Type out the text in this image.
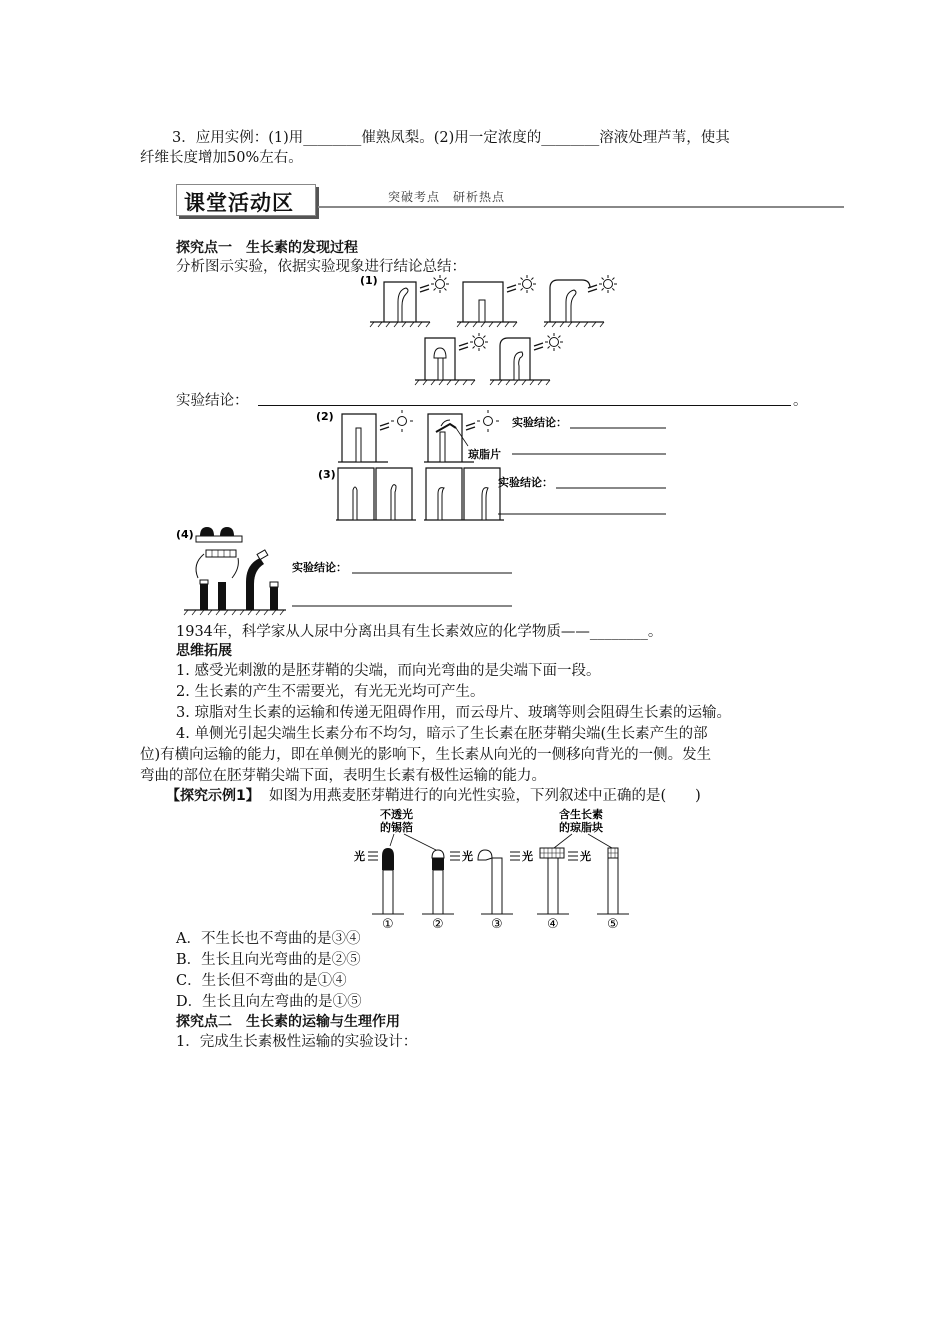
3．应用实例：(1)用________催熟凤梨。(2)用一定浓度的________溶液处理芦苇，使其
纤维长度增加50%左右。
课堂活动区	突破考点　研析热点
探究点一　生长素的发现过程
分析图示实验，依据实验现象进行结论总结：
(1)
实验结论：	。
(2)
琼脂片
实验结论：
(3)
实验结论：
(4)
实验结论：
1934年，科学家从人尿中分离出具有生长素效应的化学物质——________。
思维拓展
1. 感受光刺激的是胚芽鞘的尖端，而向光弯曲的是尖端下面一段。
2. 生长素的产生不需要光，有光无光均可产生。
3. 琼脂对生长素的运输和传递无阻碍作用，而云母片、玻璃等则会阻碍生长素的运输。
4. 单侧光引起尖端生长素分布不均匀，暗示了生长素在胚芽鞘尖端(生长素产生的部
位)有横向运输的能力，即在单侧光的影响下，生长素从向光的一侧移向背光的一侧。发生
弯曲的部位在胚芽鞘尖端下面，表明生长素有极性运输的能力。
【探究示例1】 如图为用燕麦胚芽鞘进行的向光性实验，下列叙述中正确的是(　　)
不透光
的锡箔
含生长素
的琼脂块
光	光	光	光
①	②	③	④	⑤
A．不生长也不弯曲的是③④
B．生长且向光弯曲的是②⑤
C．生长但不弯曲的是①④
D．生长且向左弯曲的是①⑤
探究点二　生长素的运输与生理作用
1．完成生长素极性运输的实验设计：
